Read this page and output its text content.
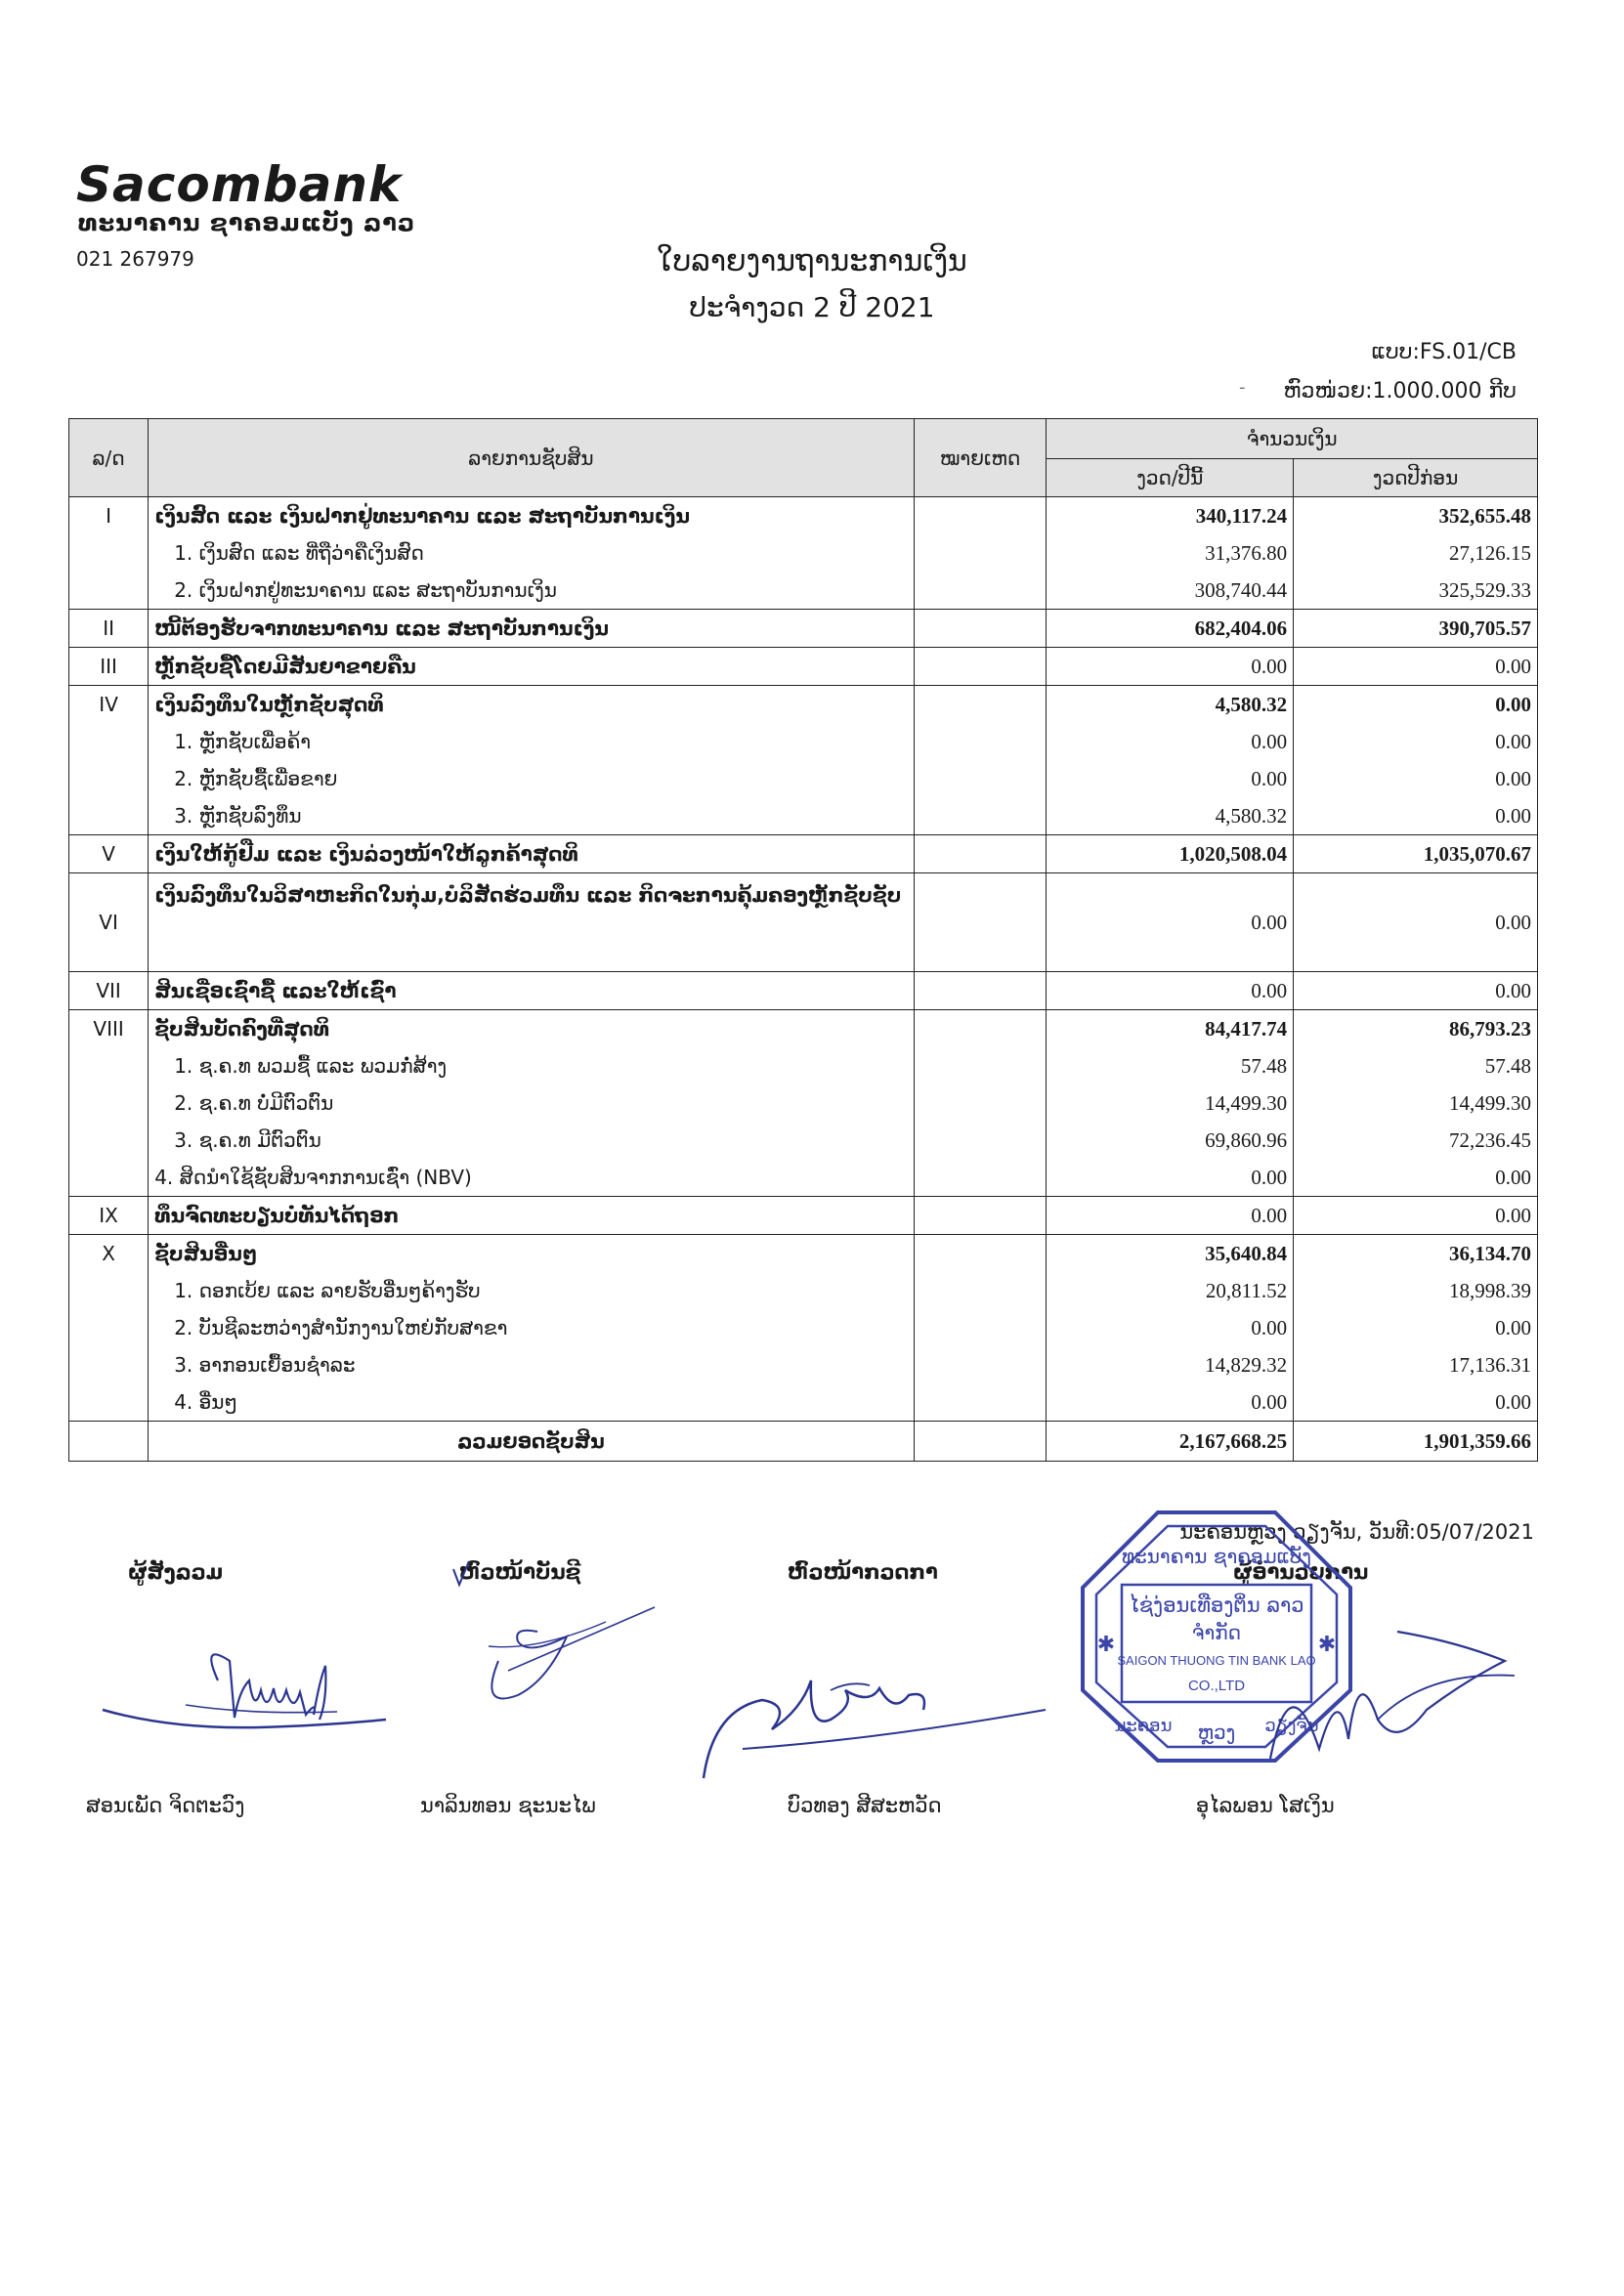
Sacombank
ທະນາຄານ ຊາຄອມແບັງ ລາວ
021 267979	ໃບລາຍງານຖານະການເງິນ
ປະຈຳງວດ 2 ປີ 2021
ແບບ:FS.01/CB
- ຫົວໜ່ວຍ:1.000.000 ກີບ
ລ/ດ	ລາຍການຊັບສິນ	ໝາຍເຫດ	ຈຳນວນເງິນ	
			ງວດ/ປີນີ້	ງວດປີກ່ອນ
I	ເງິນສົດ ແລະ ເງິນຝາກຢູ່ທະນາຄານ ແລະ ສະຖາບັນການເງິນ		340,117.24	352,655.48
	1. ເງິນສົດ ແລະ ທີ່ຖືວ່າຄືເງິນສົດ		31,376.80	27,126.15
	2. ເງິນຝາກຢູ່ທະນາຄານ ແລະ ສະຖາບັນການເງິນ		308,740.44	325,529.33
II	ໜີ້ຕ້ອງຮັບຈາກທະນາຄານ ແລະ ສະຖາບັນການເງິນ		682,404.06	390,705.57
III	ຫຼັກຊັບຊື້ໂດຍມີສັນຍາຂາຍຄືນ		0.00	0.00
IV	ເງິນລົງທຶນໃນຫຼັກຊັບສຸດທິ		4,580.32	0.00
	1. ຫຼັກຊັບເພື່ອຄ້າ		0.00	0.00
	2. ຫຼັກຊັບຊື້ເພື່ອຂາຍ		0.00	0.00
	3. ຫຼັກຊັບລົງທຶນ		4,580.32	0.00
V	ເງິນໃຫ້ກູ້ຢືມ ແລະ ເງິນລ່ວງໜ້າໃຫ້ລູກຄ້າສຸດທິ		1,020,508.04	1,035,070.67
VI	ເງິນລົງທຶນໃນວິສາຫະກິດໃນກຸ່ມ,ບໍລິສັດຮ່ວມທຶນ ແລະ ກິດຈະການຄຸ້ມຄອງຫຼັກຊັບຊັບ		0.00	0.00
VII	ສິນເຊື່ອເຊົ່າຊື້ ແລະໃຫ້ເຊົ່າ		0.00	0.00
VIII	ຊັບສິນບັດຄົງທີ່ສຸດທິ		84,417.74	86,793.23
	1. ຊ.ຄ.ທ ພວມຊື້ ແລະ ພວມກໍ່ສ້າງ		57.48	57.48
	2. ຊ.ຄ.ທ ບໍ່ມີຕົວຕົນ		14,499.30	14,499.30
	3. ຊ.ຄ.ທ ມີຕົວຕົນ		69,860.96	72,236.45
	4. ສິດນຳໃຊ້ຊັບສິນຈາກການເຊົ່າ (NBV)		0.00	0.00
IX	ທຶນຈົດທະບຽນບໍ່ທັນໄດ້ຖອກ		0.00	0.00
X	ຊັບສິນອື່ນໆ		35,640.84	36,134.70
	1. ດອກເບ້ຍ ແລະ ລາຍຮັບອື່ນໆຄ້າງຮັບ		20,811.52	18,998.39
	2. ບັນຊີລະຫວ່າງສຳນັກງານໃຫຍ່ກັບສາຂາ		0.00	0.00
	3. ອາກອນເຍື້ອນຊຳລະ		14,829.32	17,136.31
	4. ອື່ນໆ		0.00	0.00
	ລວມຍອດຊັບສິນ		2,167,668.25	1,901,359.66
ນະຄອນຫຼວງ ວຽງຈັນ, ວັນທີ:05/07/2021
ຜູ້ສັງລວມ	ຫົວໜ້າບັນຊີ	ຫົວໜ້າກວດກາ	ຜູ້ອຳນວຍການ
ທະນາຄານ ຊາຄອມແບັງ
ໄຊ່ງ່ອນເທືອງຕິ່ນ ລາວ
ຈຳກັດ
SAIGON THUONG TIN BANK LAO
CO.,LTD
ນະຄອນ ຫຼວງ ວຽງຈັນ
✱	✱
ສອນເພັດ ຈິດຕະວົງ	ນາລິນທອນ ຊະນະໄພ	ບົວທອງ ສີສະຫວັດ	ອຸໄລພອນ ໂສເງິນ
